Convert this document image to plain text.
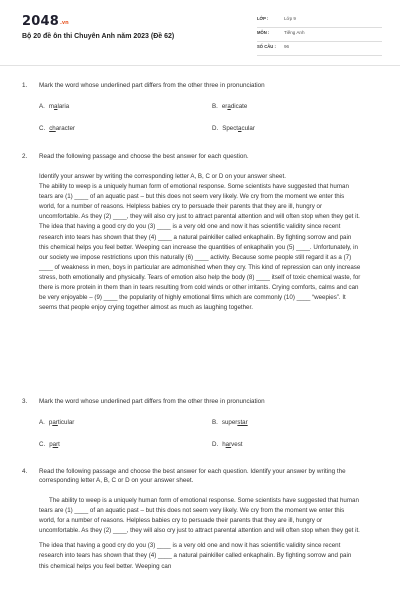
$2048^{.vn}$
Bộ 20 đề ôn thi Chuyên Anh năm 2023 (Đề 62)
LỚP :	Lớp 9
MÔN :	Tiếng Anh
SỐ CÂU : 96
1. Mark the word whose underlined part differs from the other three in pronunciation
A. malaria	B. eradicate
C. character	D. Spectacular
2. Read the following passage and choose the best answer for each question.

Identify your answer by writing the corresponding letter A, B, C or D on your answer sheet.

The ability to weep is a uniquely human form of emotional response. Some scientists have suggested that human tears are (1) ____ of an aquatic past – but this does not seem very likely. We cry from the moment we enter this world, for a number of reasons. Helpless babies cry to persuade their parents that they are ill, hungry or uncomfortable. As they (2) ____, they will also cry just to attract parental attention and will often stop when they get it. The idea that having a good cry do you (3) ____ is a very old one and now it has scientific validity since recent research into tears has shown that they (4) ____ a natural painkiller called enkaphalin. By fighting sorrow and pain this chemical helps you feel better. Weeping can increase the quantities of enkaphalin you (5) ____. Unfortunately, in our society we impose restrictions upon this naturally (6) ____ activity. Because some people still regard it as a (7) ____ of weakness in men, boys in particular are admonished when they cry. This kind of repression can only increase stress, both emotionally and physically. Tears of emotion also help the body (8) ____ itself of toxic chemical waste, for there is more protein in them than in tears resulting from cold winds or other irritants. Crying comforts, calms and can be very enjoyable – (9) ____ the popularity of highly emotional films which are commonly (10) ____ “weepies”. It seems that people enjoy crying together almost as much as laughing together.

3. Mark the word whose underlined part differs from the other three in pronunciation
A. particular	B. superstar
C. part	D. harvest
4. Read the following passage and choose the best answer for each question. Identify your answer by writing the corresponding letter A, B, C or D on your answer sheet.

The ability to weep is a uniquely human form of emotional response. Some scientists have suggested that human tears are (1) ____ of an aquatic past – but this does not seem very likely. We cry from the moment we enter this world, for a number of reasons. Helpless babies cry to persuade their parents that they are ill, hungry or uncomfortable. As they (2) ____, they will also cry just to attract parental attention and will often stop when they get it.

The idea that having a good cry do you (3) ____ is a very old one and now it has scientific validity since recent research into tears has shown that they (4) ____ a natural painkiller called enkaphalin. By fighting sorrow and pain this chemical helps you feel better. Weeping can
